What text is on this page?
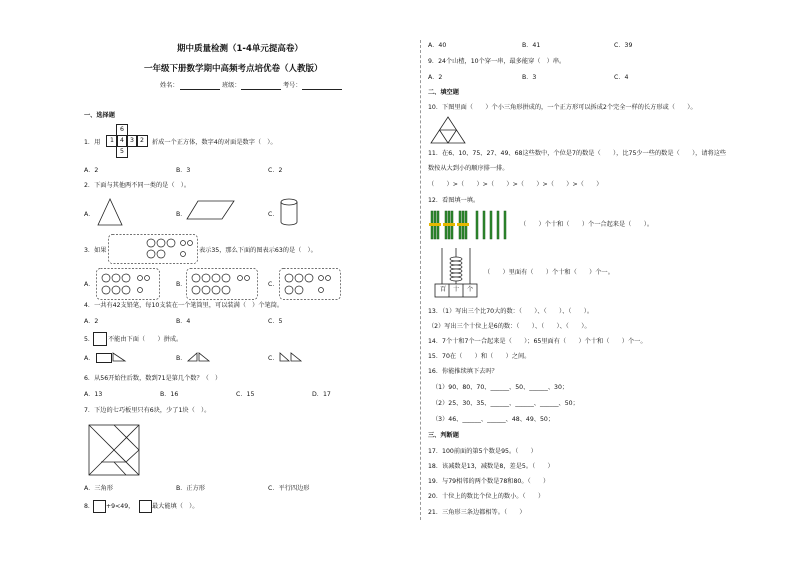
期中质量检测（1-4单元提高卷）
一年级下册数学期中高频考点培优卷（人教版）
姓名：	班级：	考号：
一、选择题
1．用
6
1 4 3 2
5
折成一个正方体，数字4的对面是数字（　）。
A．2	B．3	C．2
2．下面与其他两不同一类的是（　）。
A．	B．	C．
3．如果	表示35，那么下面的图表示63的是（　）。
A．	B．	C．
4．一共有42支铅笔，每10支装在一个笔筒里，可以装满（　）个笔筒。
A．2	B．4	C．5
5． 不能由下面（　　）拼成。
A．	B．	C．
6．从56开始往后数，数到71是第几个数？（　）
A．13	B．16	C．15	D．17
7．下边的七巧板里只有6块，少了1块（　）。
A．三角形	B．正方形	C．平行四边形
8． +9<49，	最大能填（　）。
A．40	B．41	C．39
9．24个山楂，10个穿一串，最多能穿（　）串。
A．2	B．3	C．4
二、填空题
10．下图里面（　　）个小三角形拼成的，一个正方形可以拆成2个完全一样的长方形或（　　）。
11．在6、10、75、27、49、68这些数中，个位是7的数是（　　），比75少一些的数是（　　），请将这些
数按从大到小的顺序排一排。
（　　）>（　　）>（　　）>（　　）>（　　）>（　　）
12．看图填一填。
（　　）个十和（　　）个一合起来是（　　）。
百 十 个
（　　）里面有（　　）个十和（　　）个一。
13．（1）写出三个比70大的数：（　　）、（　　）、（　　）。
（2）写出三个十位上是6的数：（　　）、（　　）、（　　）。
14．7个十和7个一合起来是（　　）；65里面有（　　）个十和（　　）个一。
15．70在（　　）和（　　）之间。
16．你能推续填下去吗？
（1）90、80、70、______、50、______、30；
（2）25、30、35、______、______、______、50；
（3）46、______、______、48、49、50；
三、判断题
17．100前面的第5个数是95。（　　）
18．该减数是13，减数是8，差是5。（　　）
19．与79相邻的两个数是78和80。（　　）
20．十位上的数比个位上的数小。（　　）
21．三角形三条边都相等。（　　）
